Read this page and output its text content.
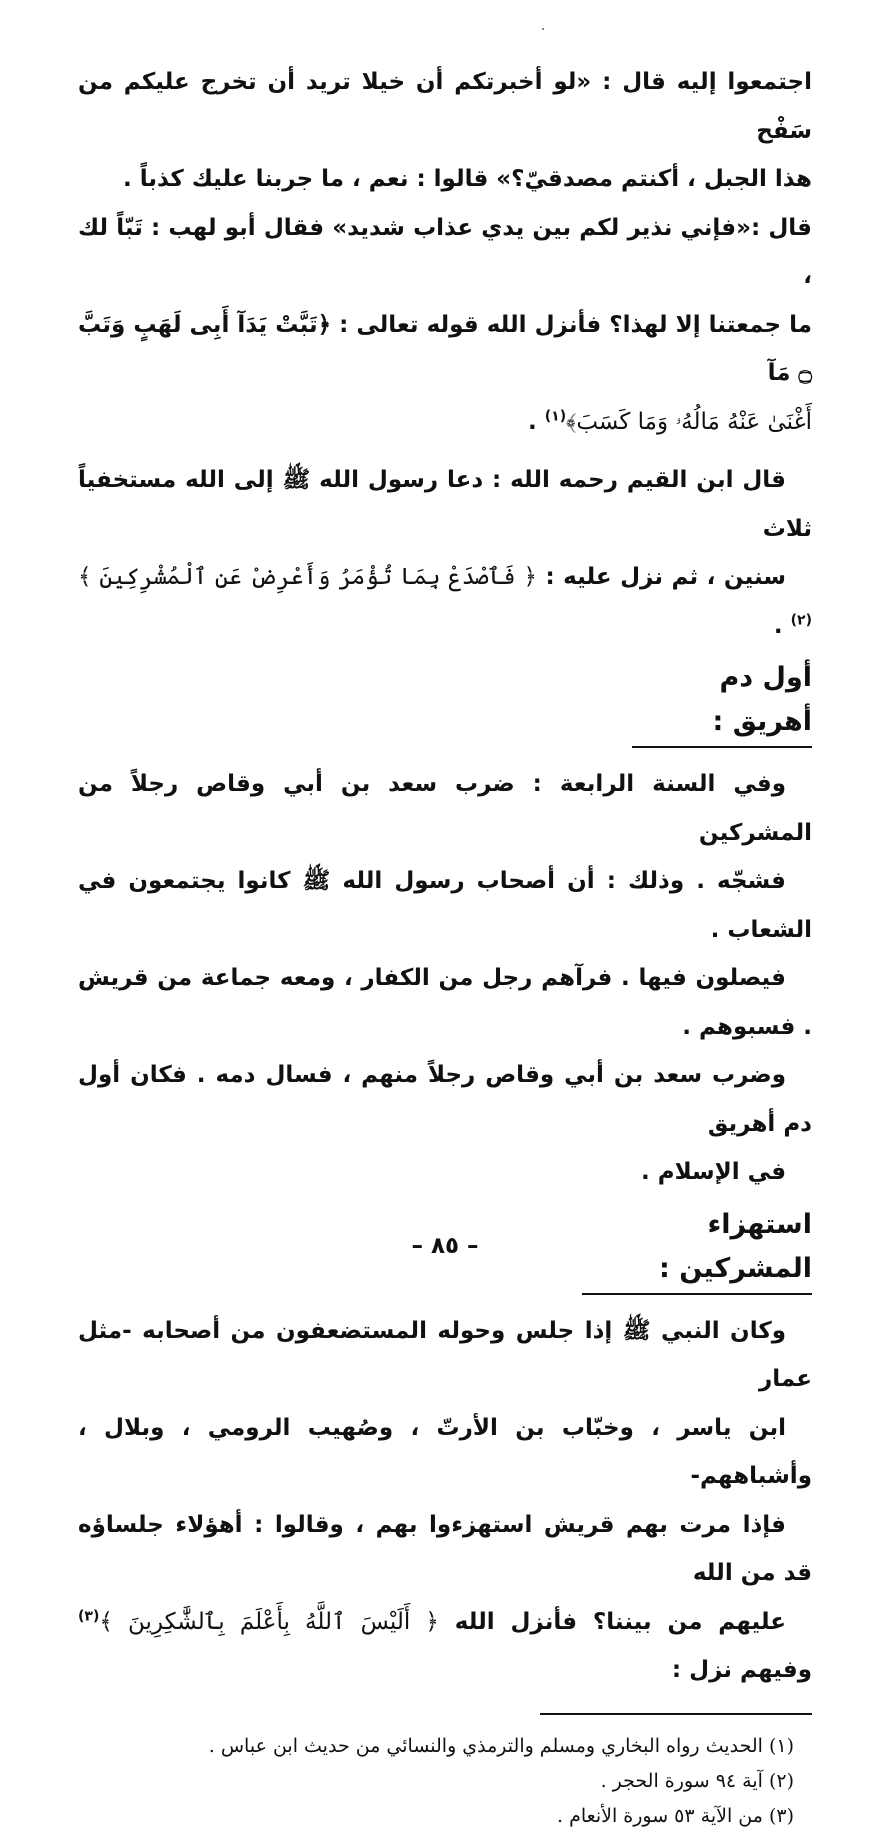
اجتمعوا إليه قال : «لو أخبرتكم أن خيلا تريد أن تخرج عليكم من سَفْح
هذا الجبل ، أكنتم مصدقيّ؟» قالوا : نعم ، ما جربنا عليك كذباً .
قال :«فإني نذير لكم بين يدي عذاب شديد» فقال أبو لهب : تَبّاً لك ،
ما جمعتنا إلا لهذا؟ فأنزل الله قوله تعالى : ﴿تَبَّتْ يَدَآ أَبِى لَهَبٍ وَتَبَّ ۝ مَآ
أَغْنَىٰ عَنْهُ مَالُهُۥ وَمَا كَسَبَ﴾$^{(١)}$ .

قال ابن القيم رحمه الله : دعا رسول الله ﷺ إلى الله مستخفياً ثلاث
سنين ، ثم نزل عليه : ﴿ فَٱصْدَعْ بِمَا تُؤْمَرُ وَأَعْرِضْ عَنِ ٱلْمُشْرِكِينَ ﴾$^{(٢)}$ .

أول دم أهريق :

وفي السنة الرابعة : ضرب سعد بن أبي وقاص رجلاً من المشركين
فشجّه . وذلك : أن أصحاب رسول الله ﷺ كانوا يجتمعون في الشعاب .
فيصلون فيها . فرآهم رجل من الكفار ، ومعه جماعة من قريش . فسبوهم .
وضرب سعد بن أبي وقاص رجلاً منهم ، فسال دمه . فكان أول دم أهريق
في الإسلام .

استهزاء المشركين :

وكان النبي ﷺ إذا جلس وحوله المستضعفون من أصحابه -مثل عمار
ابن ياسر ، وخبّاب بن الأرتّ ، وصُهيب الرومي ، وبلال ، وأشباههم-
فإذا مرت بهم قريش استهزءوا بهم ، وقالوا : أهؤلاء جلساؤه قد من الله
عليهم من بيننا؟ فأنزل الله ﴿ أَلَيْسَ ٱللَّهُ بِأَعْلَمَ بِٱلشَّٰكِرِينَ ﴾$^{(٣)}$ وفيهم نزل :

(١) الحديث رواه البخاري ومسلم والترمذي والنسائي من حديث ابن عباس .
(٢) آية ٩٤ سورة الحجر .
(٣) من الآية ٥٣ سورة الأنعام .
– ٨٥ –
